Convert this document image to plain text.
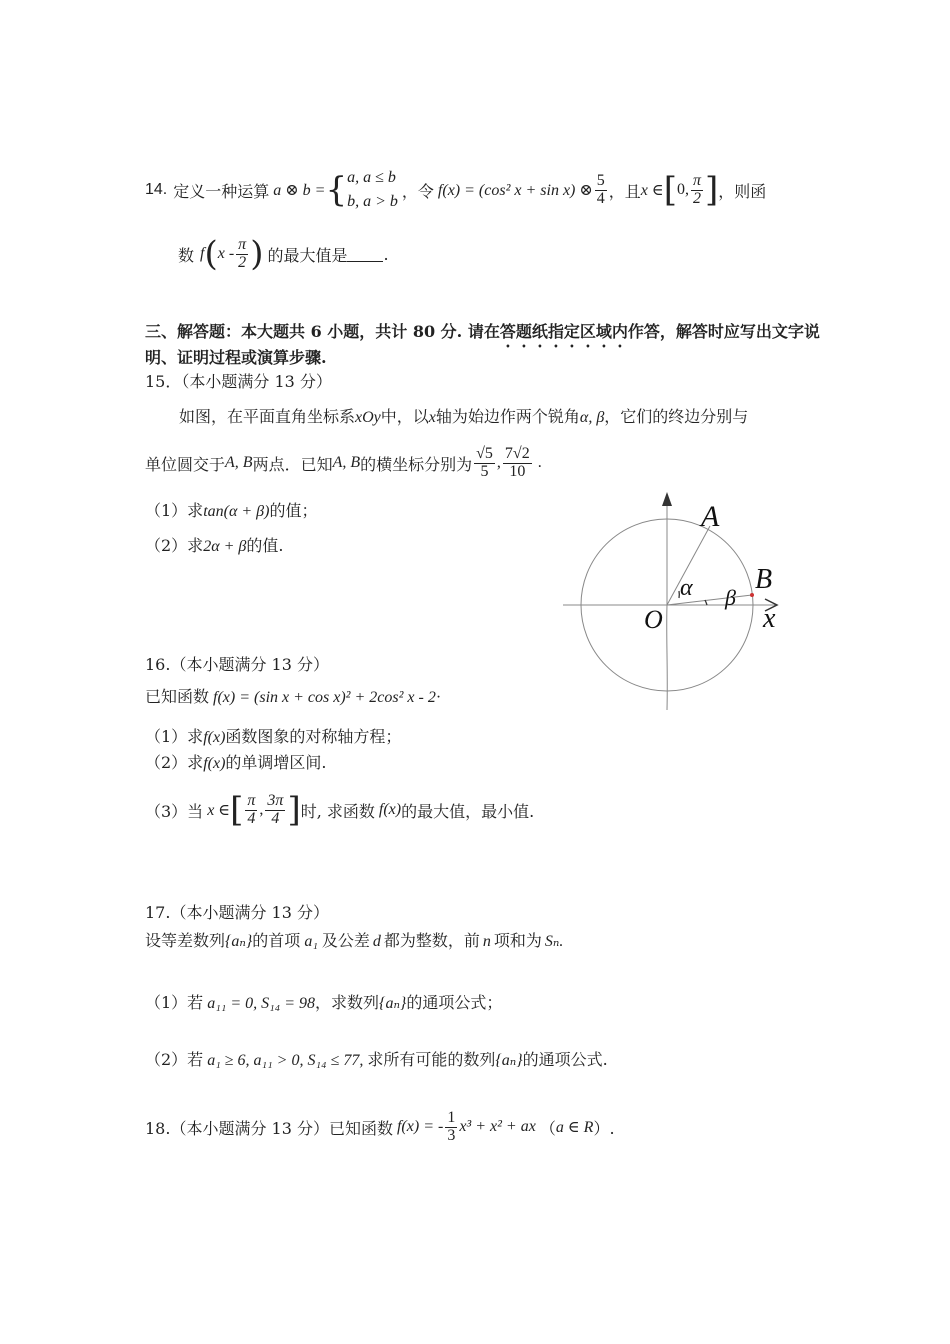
14. 定义一种运算 a ⊗ b = { a, a ≤ b
b, a > b
，令 f(x) = (cos² x + sin x) ⊗ $\frac{5}{4}$ ，且 x ∈ [ 0, $\frac{\pi}{2}$ ] ，则函
数 f ( x - $\frac{\pi}{2}$ ) 的最大值是 .
三、解答题：本大题共 6 小题，共计 80 分. 请在答题纸指定区域内作答，解答时应写出文字说
明、证明过程或演算步骤.
15．（本小题满分 13 分）
如图，在平面直角坐标系xOy中，以x轴为始边作两个锐角α, β，它们的终边分别与
单位圆交于 A, B 两点．已知 A, B 的横坐标分别为 $\frac{√5}{5}$ , $\frac{7√2}{10}$ .
（1）求tan(α + β)的值；
（2）求2α + β的值.
A
B
O	x
α β
16.（本小题满分 13 分）
已知函数 f(x) = (sin x + cos x)² + 2cos² x - 2·
（1）求f(x)函数图象的对称轴方程；
（2）求f(x)的单调增区间.
（3）当 x ∈ [ $\frac{\pi}{4}$ , $\frac{3\pi}{4}$ ] 时, 求函数 f(x) 的最大值，最小值.
17.（本小题满分 13 分）
设等差数列{aₙ}的首项 a₁ 及公差 d 都为整数，前 n 项和为 Sₙ.
（1）若 a₁₁ = 0, S₁₄ = 98，求数列{aₙ}的通项公式；
（2）若 a₁ ≥ 6, a₁₁ > 0, S₁₄ ≤ 77, 求所有可能的数列{aₙ}的通项公式.
18.（本小题满分 13 分）已知函数 f(x) = - $\frac{1}{3} x^3 + x^2$ + ax （ a ∈ R ）.
